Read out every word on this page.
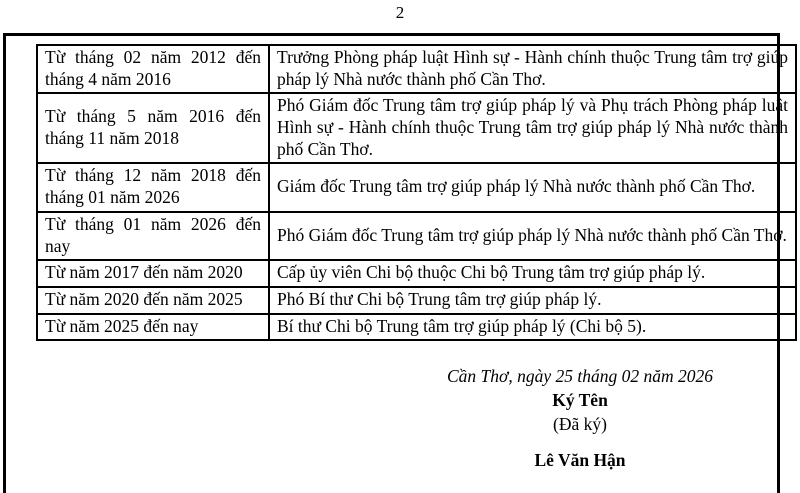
2
Từ tháng 02 năm 2012 đến tháng 4 năm 2016	Trưởng Phòng pháp luật Hình sự - Hành chính thuộc Trung tâm trợ giúp pháp lý Nhà nước thành phố Cần Thơ.
Từ tháng 5 năm 2016 đến tháng 11 năm 2018	Phó Giám đốc Trung tâm trợ giúp pháp lý và Phụ trách Phòng pháp luật Hình sự - Hành chính thuộc Trung tâm trợ giúp pháp lý Nhà nước thành phố Cần Thơ.
Từ tháng 12 năm 2018 đến tháng 01 năm 2026	Giám đốc Trung tâm trợ giúp pháp lý Nhà nước thành phố Cần Thơ.
Từ tháng 01 năm 2026 đến nay	Phó Giám đốc Trung tâm trợ giúp pháp lý Nhà nước thành phố Cần Thơ.
Từ năm 2017 đến năm 2020	Cấp ủy viên Chi bộ thuộc Chi bộ Trung tâm trợ giúp pháp lý.
Từ năm 2020 đến năm 2025	Phó Bí thư Chi bộ Trung tâm trợ giúp pháp lý.
Từ năm 2025 đến nay	Bí thư Chi bộ Trung tâm trợ giúp pháp lý (Chi bộ 5).
Cần Thơ, ngày 25 tháng 02 năm 2026
Ký Tên
(Đã ký)
Lê Văn Hận
